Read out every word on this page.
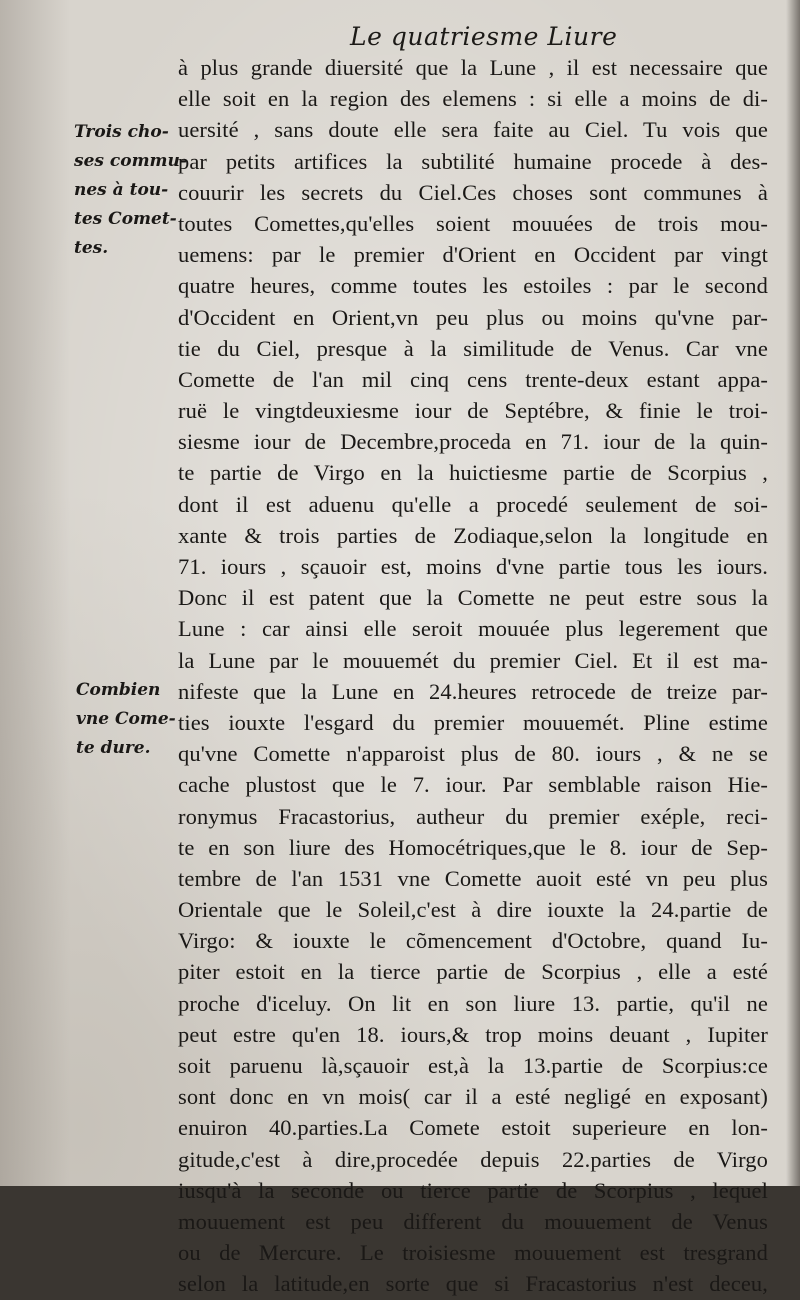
Le quatriesme Liure
Trois cho-
ses commu-
nes à tou-
tes Comet-
tes.
Combien
vne Come-
te dure.
à plus grande diuersité que la Lune , il est necessaire que
elle soit en la region des elemens : si elle a moins de di-
uersité , sans doute elle sera faite au Ciel. Tu vois que
par petits artifices la subtilité humaine procede à des-
couurir les secrets du Ciel.Ces choses sont communes à
toutes Comettes,qu'elles soient mouuées de trois mou-
uemens: par le premier d'Orient en Occident par vingt
quatre heures, comme toutes les estoiles : par le second
d'Occident en Orient,vn peu plus ou moins qu'vne par-
tie du Ciel, presque à la similitude de Venus. Car vne
Comette de l'an mil cinq cens trente-deux estant appa-
ruë le vingtdeuxiesme iour de Septébre, & finie le troi-
siesme iour de Decembre,proceda en 71. iour de la quin-
te partie de Virgo en la huictiesme partie de Scorpius ,
dont il est aduenu qu'elle a procedé seulement de soi-
xante & trois parties de Zodiaque,selon la longitude en
71. iours , sçauoir est, moins d'vne partie tous les iours.
Donc il est patent que la Comette ne peut estre sous la
Lune : car ainsi elle seroit mouuée plus legerement que
la Lune par le mouuemét du premier Ciel. Et il est ma-
nifeste que la Lune en 24.heures retrocede de treize par-
ties iouxte l'esgard du premier mouuemét. Pline estime
qu'vne Comette n'apparoist plus de 80. iours , & ne se
cache plustost que le 7. iour. Par semblable raison Hie-
ronymus Fracastorius, autheur du premier exéple, reci-
te en son liure des Homocétriques,que le 8. iour de Sep-
tembre de l'an 1531 vne Comette auoit esté vn peu plus
Orientale que le Soleil,c'est à dire iouxte la 24.partie de
Virgo: & iouxte le cõmencement d'Octobre, quand Iu-
piter estoit en la tierce partie de Scorpius , elle a esté
proche d'iceluy. On lit en son liure 13. partie, qu'il ne
peut estre qu'en 18. iours,& trop moins deuant , Iupiter
soit paruenu là,sçauoir est,à la 13.partie de Scorpius:ce
sont donc en vn mois( car il a esté negligé en exposant)
enuiron 40.parties.La Comete estoit superieure en lon-
gitude,c'est à dire,procedée depuis 22.parties de Virgo
iusqu'à la seconde ou tierce partie de Scorpius , lequel
mouuement est peu different du mouuement de Venus
ou de Mercure. Le troisiesme mouuement est tresgrand
selon la latitude,en sorte que si Fracastorius n'est deceu,
